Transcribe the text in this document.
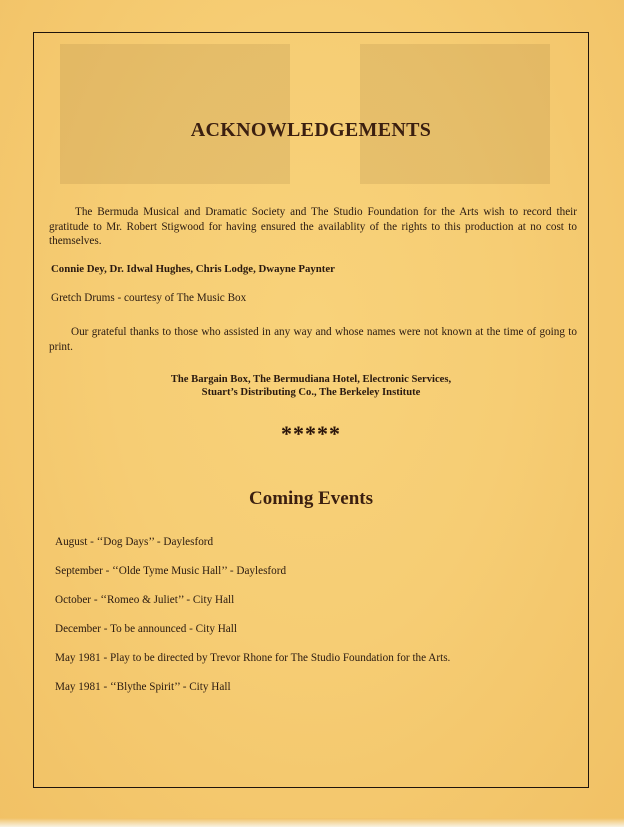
ACKNOWLEDGEMENTS

The Bermuda Musical and Dramatic Society and The Studio Foundation for the Arts wish to record their gratitude to Mr. Robert Stigwood for having ensured the availablity of the rights to this production at no cost to themselves.

Connie Dey, Dr. Idwal Hughes, Chris Lodge, Dwayne Paynter

Gretch Drums - courtesy of The Music Box

Our grateful thanks to those who assisted in any way and whose names were not known at the time of going to print.

The Bargain Box, The Bermudiana Hotel, Electronic Services,
Stuart’s Distributing Co., The Berkeley Institute
*****
Coming Events
August - ‘‘Dog Days’’ - Daylesford
September - ‘‘Olde Tyme Music Hall’’ - Daylesford
October - ‘‘Romeo & Juliet’’ - City Hall
December - To be announced - City Hall
May 1981 - Play to be directed by Trevor Rhone for The Studio Foundation for the Arts.
May 1981 - ‘‘Blythe Spirit’’ - City Hall
